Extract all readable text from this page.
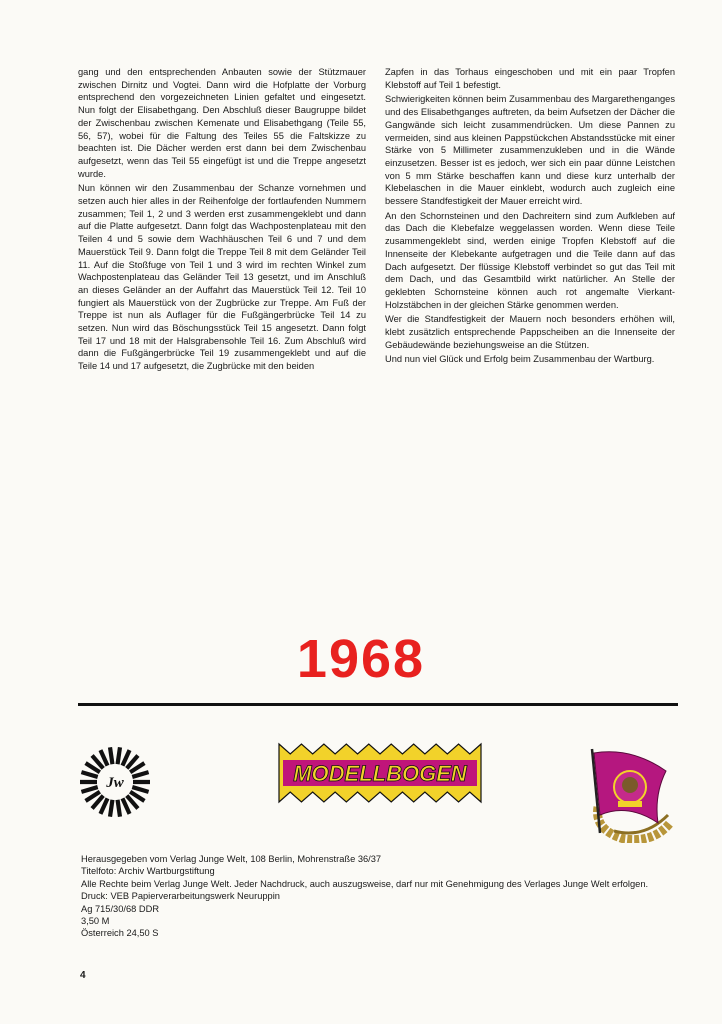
gang und den entsprechenden Anbauten sowie der Stützmauer zwischen Dirnitz und Vogtei. Dann wird die Hofplatte der Vorburg entsprechend den vorgezeichneten Linien gefaltet und eingesetzt. Nun folgt der Elisabethgang. Den Abschluß dieser Baugruppe bildet der Zwischenbau zwischen Kemenate und Elisabethgang (Teile 55, 56, 57), wobei für die Faltung des Teiles 55 die Faltskizze zu beachten ist. Die Dächer werden erst dann bei dem Zwischenbau aufgesetzt, wenn das Teil 55 eingefügt ist und die Treppe angesetzt wurde.

Nun können wir den Zusammenbau der Schanze vornehmen und setzen auch hier alles in der Reihenfolge der fortlaufenden Nummern zusammen; Teil 1, 2 und 3 werden erst zusammengeklebt und dann auf die Platte aufgesetzt. Dann folgt das Wachpostenplateau mit den Teilen 4 und 5 sowie dem Wachhäuschen Teil 6 und 7 und dem Mauerstück Teil 9. Dann folgt die Treppe Teil 8 mit dem Geländer Teil 11. Auf die Stoßfuge von Teil 1 und 3 wird im rechten Winkel zum Wachpostenplateau das Geländer Teil 13 gesetzt, und im Anschluß an dieses Geländer an der Auffahrt das Mauerstück Teil 12. Teil 10 fungiert als Mauerstück von der Zugbrücke zur Treppe. Am Fuß der Treppe ist nun als Auflager für die Fußgängerbrücke Teil 14 zu setzen. Nun wird das Böschungsstück Teil 15 angesetzt. Dann folgt Teil 17 und 18 mit der Halsgrabensohle Teil 16. Zum Abschluß wird dann die Fußgängerbrücke Teil 19 zusammengeklebt und auf die Teile 14 und 17 aufgesetzt, die Zugbrücke mit den beiden

Zapfen in das Torhaus eingeschoben und mit ein paar Tropfen Klebstoff auf Teil 1 befestigt.

Schwierigkeiten können beim Zusammenbau des Margarethenganges und des Elisabethganges auftreten, da beim Aufsetzen der Dächer die Gangwände sich leicht zusammendrücken. Um diese Pannen zu vermeiden, sind aus kleinen Pappstückchen Abstandsstücke mit einer Stärke von 5 Millimeter zusammenzukleben und in die Wände einzusetzen. Besser ist es jedoch, wer sich ein paar dünne Leistchen von 5 mm Stärke beschaffen kann und diese kurz unterhalb der Klebelaschen in die Mauer einklebt, wodurch auch zugleich eine bessere Standfestigkeit der Mauer erreicht wird.

An den Schornsteinen und den Dachreitern sind zum Aufkleben auf das Dach die Klebefalze weggelassen worden. Wenn diese Teile zusammengeklebt sind, werden einige Tropfen Klebstoff auf die Innenseite der Klebekante aufgetragen und die Teile dann auf das Dach aufgesetzt. Der flüssige Klebstoff verbindet so gut das Teil mit dem Dach, und das Gesamtbild wirkt natürlicher. An Stelle der geklebten Schornsteine können auch rot angemalte Vierkant-Holzstäbchen in der gleichen Stärke genommen werden.

Wer die Standfestigkeit der Mauern noch besonders erhöhen will, klebt zusätzlich entsprechende Pappscheiben an die Innenseite der Gebäudewände beziehungsweise an die Stützen.

Und nun viel Glück und Erfolg beim Zusammenbau der Wartburg.

1968
Jw	MODELLBOGEN
Herausgegeben vom Verlag Junge Welt, 108 Berlin, Mohrenstraße 36/37
Titelfoto: Archiv Wartburgstiftung
Alle Rechte beim Verlag Junge Welt. Jeder Nachdruck, auch auszugsweise, darf nur mit Genehmigung des Verlages Junge Welt erfolgen.
Druck: VEB Papierverarbeitungswerk Neuruppin
Ag 715/30/68 DDR
3,50 M
Österreich 24,50 S
4
